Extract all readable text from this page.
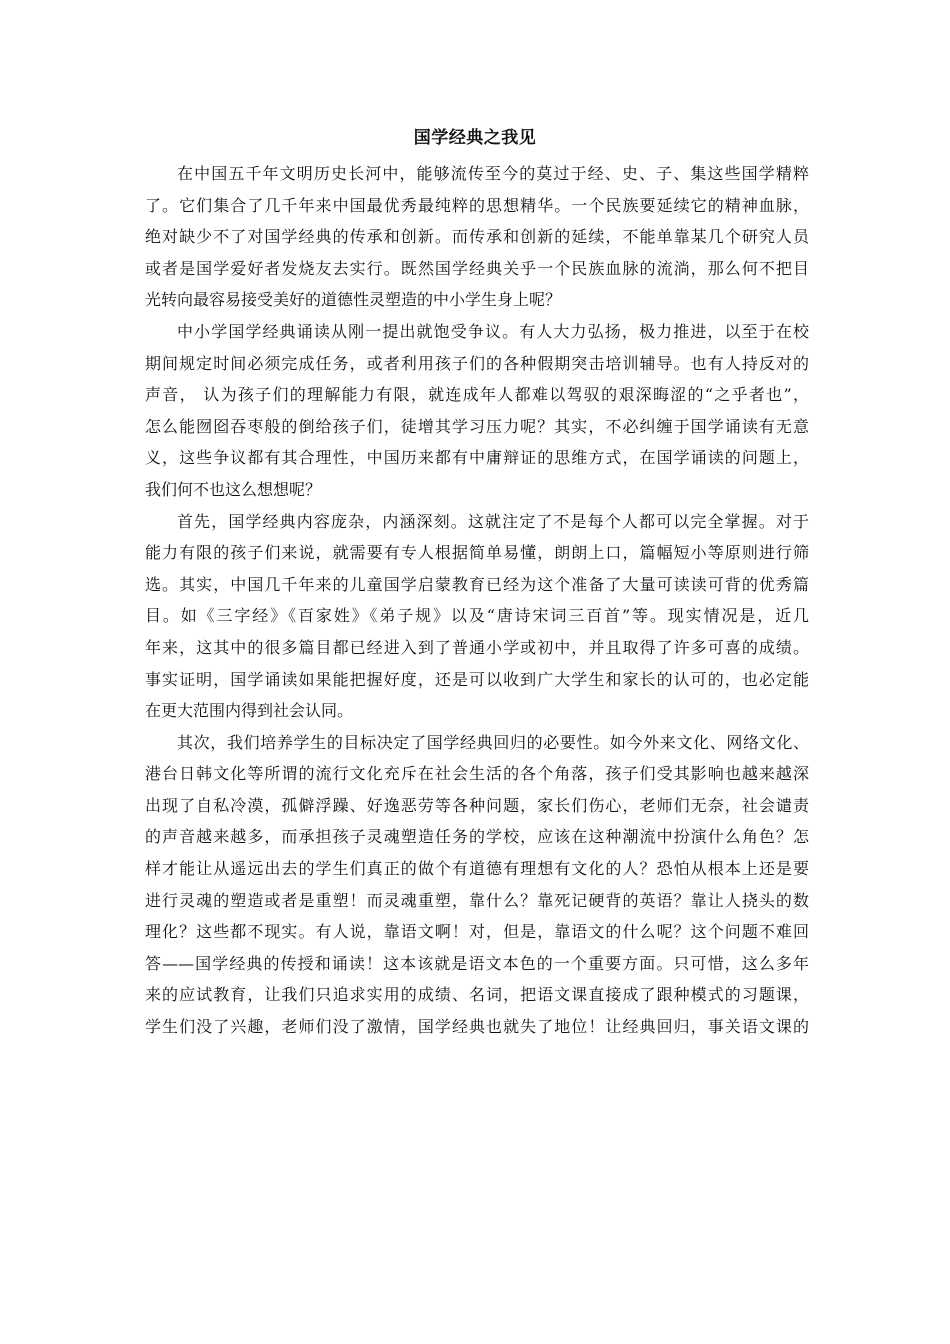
国学经典之我见
在中国五千年文明历史长河中，能够流传至今的莫过于经、史、子、集这些国学精粹
了。它们集合了几千年来中国最优秀最纯粹的思想精华。一个民族要延续它的精神血脉，
绝对缺少不了对国学经典的传承和创新。而传承和创新的延续，不能单靠某几个研究人员
或者是国学爱好者发烧友去实行。既然国学经典关乎一个民族血脉的流淌，那么何不把目
光转向最容易接受美好的道德性灵塑造的中小学生身上呢？
中小学国学经典诵读从刚一提出就饱受争议。有人大力弘扬，极力推进，以至于在校
期间规定时间必须完成任务，或者利用孩子们的各种假期突击培训辅导。也有人持反对的
声音， 认为孩子们的理解能力有限，就连成年人都难以驾驭的艰深晦涩的“之乎者也”，
怎么能囫囵吞枣般的倒给孩子们，徒增其学习压力呢？其实，不必纠缠于国学诵读有无意
义，这些争议都有其合理性，中国历来都有中庸辩证的思维方式，在国学诵读的问题上，
我们何不也这么想想呢？
首先，国学经典内容庞杂，内涵深刻。这就注定了不是每个人都可以完全掌握。对于
能力有限的孩子们来说，就需要有专人根据简单易懂，朗朗上口，篇幅短小等原则进行筛
选。其实，中国几千年来的儿童国学启蒙教育已经为这个准备了大量可读读可背的优秀篇
目。如《三字经》《百家姓》《弟子规》以及“唐诗宋词三百首”等。现实情况是，近几
年来，这其中的很多篇目都已经进入到了普通小学或初中，并且取得了许多可喜的成绩。
事实证明，国学诵读如果能把握好度，还是可以收到广大学生和家长的认可的，也必定能
在更大范围内得到社会认同。
其次，我们培养学生的目标决定了国学经典回归的必要性。如今外来文化、网络文化、
港台日韩文化等所谓的流行文化充斥在社会生活的各个角落，孩子们受其影响也越来越深
出现了自私冷漠，孤僻浮躁、好逸恶劳等各种问题，家长们伤心，老师们无奈，社会谴责
的声音越来越多，而承担孩子灵魂塑造任务的学校，应该在这种潮流中扮演什么角色？怎
样才能让从遥远出去的学生们真正的做个有道德有理想有文化的人？恐怕从根本上还是要
进行灵魂的塑造或者是重塑！而灵魂重塑，靠什么？靠死记硬背的英语？靠让人挠头的数
理化？这些都不现实。有人说，靠语文啊！对，但是，靠语文的什么呢？这个问题不难回
答——国学经典的传授和诵读！这本该就是语文本色的一个重要方面。只可惜，这么多年
来的应试教育，让我们只追求实用的成绩、名词，把语文课直接成了跟种模式的习题课，
学生们没了兴趣，老师们没了激情，国学经典也就失了地位！让经典回归，事关语文课的
